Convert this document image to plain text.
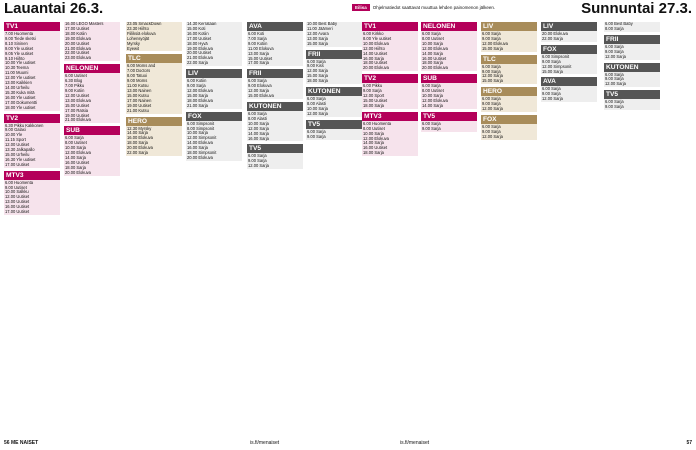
Lauantai 26.3.	Eilisa	Ohjelmatiedot saattavat muuttua lehden painomenon jälkeen.	Sunnuntai 27.3.
TV1
7.00 Huomenta
9.00 Tiede sketsi
8.10 Sininen
9.00 Yle uutiset
9.05 Yle uutiset
9.10 Hiihto
10.00 Yle uutiset
10.30 Teema
11.00 Muumi
12.00 Yle uutiset
13.00 Kaikkien
14.00 Urheilu
15.30 Kuka mitä
16.00 Yle uutiset
17.00 Dokumentti
18.00 Yle uutiset
TV2
6.30 Pikku Kakkonen
9.00 Galaxi
10.00 Yle
11.15 Sport
12.00 Uutiset
13.30 Jalkapallo
15.00 Urheilu
16.30 Yle uutiset
17.00 Uutiset
MTV3
6.00 Huomenta
9.00 Uutiset
10.00 Salkku
12.00 Uutiset
13.00 Uutiset
16.00 Uutiset
17.00 Uutiset
16.00 LEGO Masters
17.00 Uutiset
18.00 Kotiin
19.00 Elokuva
20.00 Uutiset
21.00 Elokuva
22.00 Uutiset
23.00 Elokuva
NELONEN
6.00 Uutiset
6.30 Blog
7.00 Pikku
9.00 Kotiin
12.00 Uutiset
13.00 Elokuva
15.00 Uutiset
17.00 Ratsia
19.00 Uutiset
21.00 Elokuva
SUB
6.00 Sarja
8.00 Uutiset
10.00 Sarja
12.00 Elokuva
14.00 Sarja
16.00 Uutiset
18.00 Sarja
20.00 Elokuva
23.05 SmackDown
23.30 Hiihto
Fiiliksiä elokuva
Lohensyöjät
Myrsky
Eyewit
TLC
6.00 Moms and
7.00 Doctors
8.00 Tatuoi
9.00 Moms
11.00 Kutsu
13.00 Nainen
15.00 Kutsu
17.00 Nainen
19.00 Uutiset
21.00 Kutsu
HERO
12.30 Myrsky
14.00 Sarja
16.00 Elokuva
18.00 Sarja
20.00 Elokuva
22.00 Sarja
14.30 Kerrataan
15.00 Koti
16.00 Kotiin
17.00 Uutiset
18.00 Hyvä
19.00 Elokuva
20.00 Uutiset
21.00 Elokuva
22.00 Sarja
LIV
6.00 Kotiin
9.00 Sarja
12.00 Elokuva
15.00 Sarja
18.00 Elokuva
21.00 Sarja
FOX
6.00 Simpsonit
8.00 Simpsonit
10.00 Sarja
12.00 Simpsonit
14.00 Elokuva
16.00 Sarja
18.00 Simpsonit
20.00 Elokuva
AVA
6.00 Koti
7.00 Sarja
9.00 Kotiin
11.00 Elokuva
13.00 Sarja
15.00 Uutiset
17.00 Sarja
FRII
6.00 Sarja
9.00 Elokuva
12.00 Sarja
15.00 Elokuva
KUTONEN
6.00 Sarja
8.00 Alasti
10.00 Sarja
12.00 Sarja
14.00 Sarja
16.00 Sarja
TV5
6.00 Sarja
9.00 Sarja
12.00 Sarja
10.00 Best Baby
11.00 Jäämeri
12.00 Avara
13.00 Sarja
15.00 Sarja
FRII
6.00 Sarja
9.00 Kiss
12.00 Sarja
15.00 Sarja
18.00 Sarja
KUTONEN
6.00 Sarja
8.00 Alasti
10.00 Sarja
12.00 Sarja
TV5
6.00 Sarja
9.00 Sarja
TV1
6.00 Kirkko
8.00 Yle uutiset
10.00 Elokuva
12.00 Hiihto
14.00 Uutiset
16.00 Sarja
18.00 Uutiset
20.00 Elokuva
TV2
6.00 Pikku
9.00 Sarja
12.00 Sport
15.00 Uutiset
18.00 Sarja
MTV3
6.00 Huomenta
8.00 Uutiset
10.00 Sarja
12.00 Elokuva
14.00 Sarja
16.00 Uutiset
18.00 Sarja
NELONEN
6.00 Sarja
8.00 Uutiset
10.00 Sarja
12.00 Elokuva
14.00 Sarja
16.00 Uutiset
18.00 Sarja
20.00 Elokuva
SUB
6.00 Sarja
8.00 Uutiset
10.00 Sarja
12.00 Elokuva
14.00 Sarja
TV5
6.00 Sarja
9.00 Sarja
LIV
6.00 Sarja
9.00 Sarja
12.00 Elokuva
15.00 Sarja
TLC
6.00 Sarja
9.00 Sarja
12.00 Sarja
15.00 Sarja
HERO
6.00 Sarja
9.00 Sarja
12.00 Sarja
FOX
6.00 Sarja
9.00 Sarja
12.00 Sarja
LIV
20.00 Elokuva
22.00 Sarja
FOX
6.00 Simpsonit
9.00 Sarja
12.00 Simpsonit
15.00 Sarja
AVA
6.00 Sarja
9.00 Sarja
12.00 Sarja
6.00 Best Baby
8.00 Sarja
FRII
6.00 Sarja
9.00 Sarja
12.00 Sarja
KUTONEN
6.00 Sarja
9.00 Sarja
12.00 Sarja
TV5
6.00 Sarja
9.00 Sarja
56 ME NAISET	is.fi/menaiset	is.fi/menaiset	57
